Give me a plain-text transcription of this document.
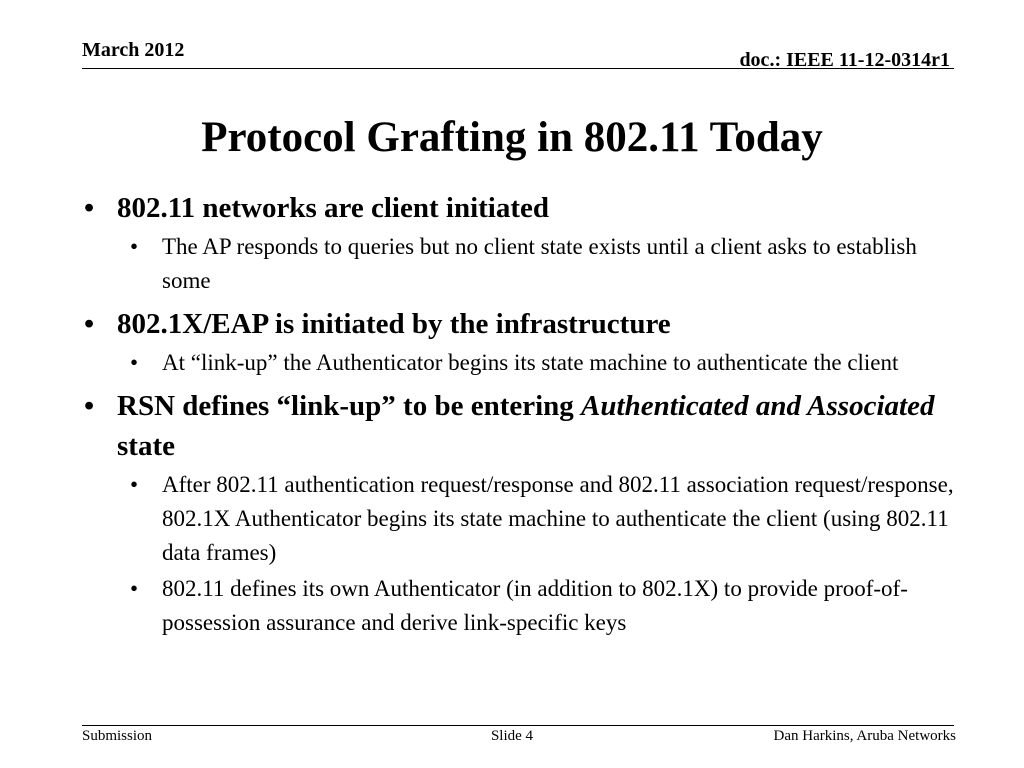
March 2012	doc.: IEEE 11-12-0314r1
Protocol Grafting in 802.11 Today
• 802.11 networks are client initiated
• The AP responds to queries but no client state exists until a client asks to establish some
• 802.1X/EAP is initiated by the infrastructure
• At “link-up” the Authenticator begins its state machine to authenticate the client
• RSN defines “link-up” to be entering Authenticated and Associated state
• After 802.11 authentication request/response and 802.11 association request/response, 802.1X Authenticator begins its state machine to authenticate the client (using 802.11 data frames)
• 802.11 defines its own Authenticator (in addition to 802.1X) to provide proof-of-possession assurance and derive link-specific keys
Submission	Slide 4	Dan Harkins, Aruba Networks
